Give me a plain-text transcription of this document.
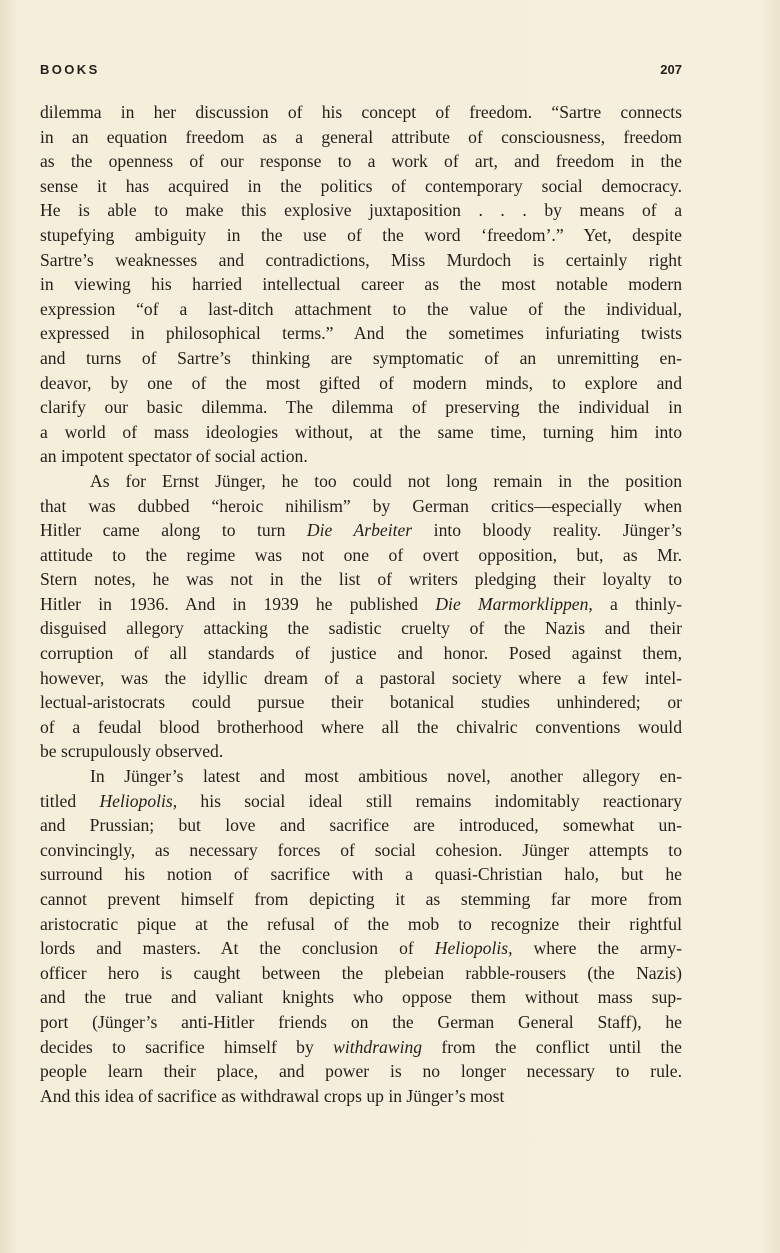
BOOKS	207
dilemma in her discussion of his concept of freedom. “Sartre connects
in an equation freedom as a general attribute of consciousness, freedom
as the openness of our response to a work of art, and freedom in the
sense it has acquired in the politics of contemporary social democracy.
He is able to make this explosive juxtaposition . . . by means of a
stupefying ambiguity in the use of the word ‘freedom’.” Yet, despite
Sartre’s weaknesses and contradictions, Miss Murdoch is certainly right
in viewing his harried intellectual career as the most notable modern
expression “of a last-ditch attachment to the value of the individual,
expressed in philosophical terms.” And the sometimes infuriating twists
and turns of Sartre’s thinking are symptomatic of an unremitting en-
deavor, by one of the most gifted of modern minds, to explore and
clarify our basic dilemma. The dilemma of preserving the individual in
a world of mass ideologies without, at the same time, turning him into
an impotent spectator of social action.
As for Ernst Jünger, he too could not long remain in the position
that was dubbed “heroic nihilism” by German critics—especially when
Hitler came along to turn Die Arbeiter into bloody reality. Jünger’s
attitude to the regime was not one of overt opposition, but, as Mr.
Stern notes, he was not in the list of writers pledging their loyalty to
Hitler in 1936. And in 1939 he published Die Marmorklippen, a thinly-
disguised allegory attacking the sadistic cruelty of the Nazis and their
corruption of all standards of justice and honor. Posed against them,
however, was the idyllic dream of a pastoral society where a few intel-
lectual-aristocrats could pursue their botanical studies unhindered; or
of a feudal blood brotherhood where all the chivalric conventions would
be scrupulously observed.
In Jünger’s latest and most ambitious novel, another allegory en-
titled Heliopolis, his social ideal still remains indomitably reactionary
and Prussian; but love and sacrifice are introduced, somewhat un-
convincingly, as necessary forces of social cohesion. Jünger attempts to
surround his notion of sacrifice with a quasi-Christian halo, but he
cannot prevent himself from depicting it as stemming far more from
aristocratic pique at the refusal of the mob to recognize their rightful
lords and masters. At the conclusion of Heliopolis, where the army-
officer hero is caught between the plebeian rabble-rousers (the Nazis)
and the true and valiant knights who oppose them without mass sup-
port (Jünger’s anti-Hitler friends on the German General Staff), he
decides to sacrifice himself by withdrawing from the conflict until the
people learn their place, and power is no longer necessary to rule.
And this idea of sacrifice as withdrawal crops up in Jünger’s most
